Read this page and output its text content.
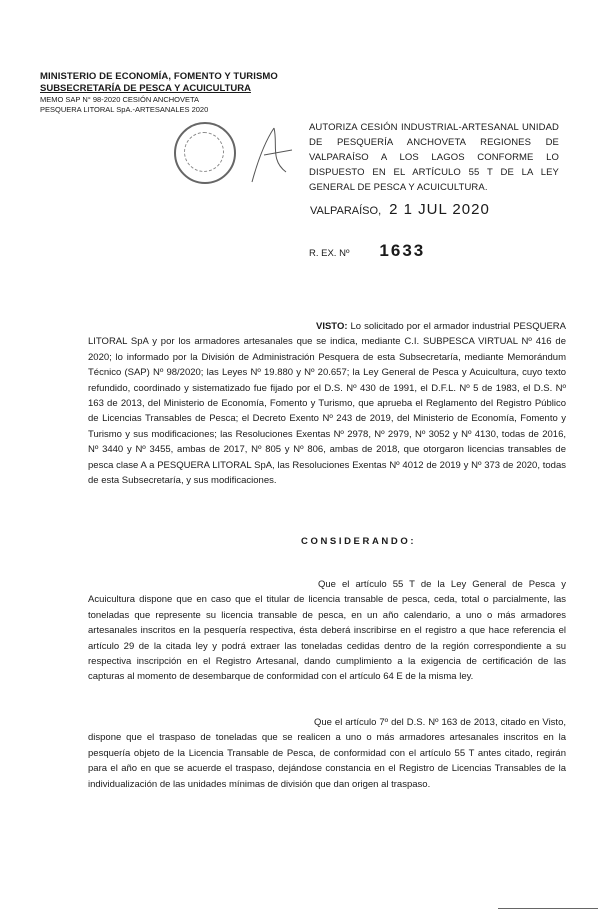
MINISTERIO DE ECONOMÍA, FOMENTO Y TURISMO
SUBSECRETARÍA DE PESCA Y ACUICULTURA
MEMO SAP N° 98-2020 CESIÓN ANCHOVETA
PESQUERA LITORAL SpA.-ARTESANALES 2020
AUTORIZA CESIÓN INDUSTRIAL-ARTESANAL UNIDAD DE PESQUERÍA ANCHOVETA REGIONES DE VALPARAÍSO A LOS LAGOS CONFORME LO DISPUESTO EN EL ARTÍCULO 55 T DE LA LEY GENERAL DE PESCA Y ACUICULTURA.
VALPARAÍSO, 2 1 JUL 2020
R. EX. Nº 1633
VISTO: Lo solicitado por el armador industrial PESQUERA LITORAL SpA y por los armadores artesanales que se indica, mediante C.I. SUBPESCA VIRTUAL Nº 416 de 2020; lo informado por la División de Administración Pesquera de esta Subsecretaría, mediante Memorándum Técnico (SAP) Nº 98/2020; las Leyes Nº 19.880 y Nº 20.657; la Ley General de Pesca y Acuicultura, cuyo texto refundido, coordinado y sistematizado fue fijado por el D.S. Nº 430 de 1991, el D.F.L. Nº 5 de 1983, el D.S. Nº 163 de 2013, del Ministerio de Economía, Fomento y Turismo, que aprueba el Reglamento del Registro Público de Licencias Transables de Pesca; el Decreto Exento Nº 243 de 2019, del Ministerio de Economía, Fomento y Turismo y sus modificaciones; las Resoluciones Exentas Nº 2978, Nº 2979, Nº 3052 y Nº 4130, todas de 2016, Nº 3440 y Nº 3455, ambas de 2017, Nº 805 y Nº 806, ambas de 2018, que otorgaron licencias transables de pesca clase A a PESQUERA LITORAL SpA, las Resoluciones Exentas Nº 4012 de 2019 y Nº 373 de 2020, todas de esta Subsecretaría, y sus modificaciones.
CONSIDERANDO:
Que el artículo 55 T de la Ley General de Pesca y Acuicultura dispone que en caso que el titular de licencia transable de pesca, ceda, total o parcialmente, las toneladas que represente su licencia transable de pesca, en un año calendario, a uno o más armadores artesanales inscritos en la pesquería respectiva, ésta deberá inscribirse en el registro a que hace referencia el artículo 29 de la citada ley y podrá extraer las toneladas cedidas dentro de la región correspondiente a su respectiva inscripción en el Registro Artesanal, dando cumplimiento a la exigencia de certificación de las capturas al momento de desembarque de conformidad con el artículo 64 E de la misma ley.
Que el artículo 7º del D.S. Nº 163 de 2013, citado en Visto, dispone que el traspaso de toneladas que se realicen a uno o más armadores artesanales inscritos en la pesquería objeto de la Licencia Transable de Pesca, de conformidad con el artículo 55 T antes citado, regirán para el año en que se acuerde el traspaso, dejándose constancia en el Registro de Licencias Transables de la individualización de las unidades mínimas de división que dan origen al traspaso.
